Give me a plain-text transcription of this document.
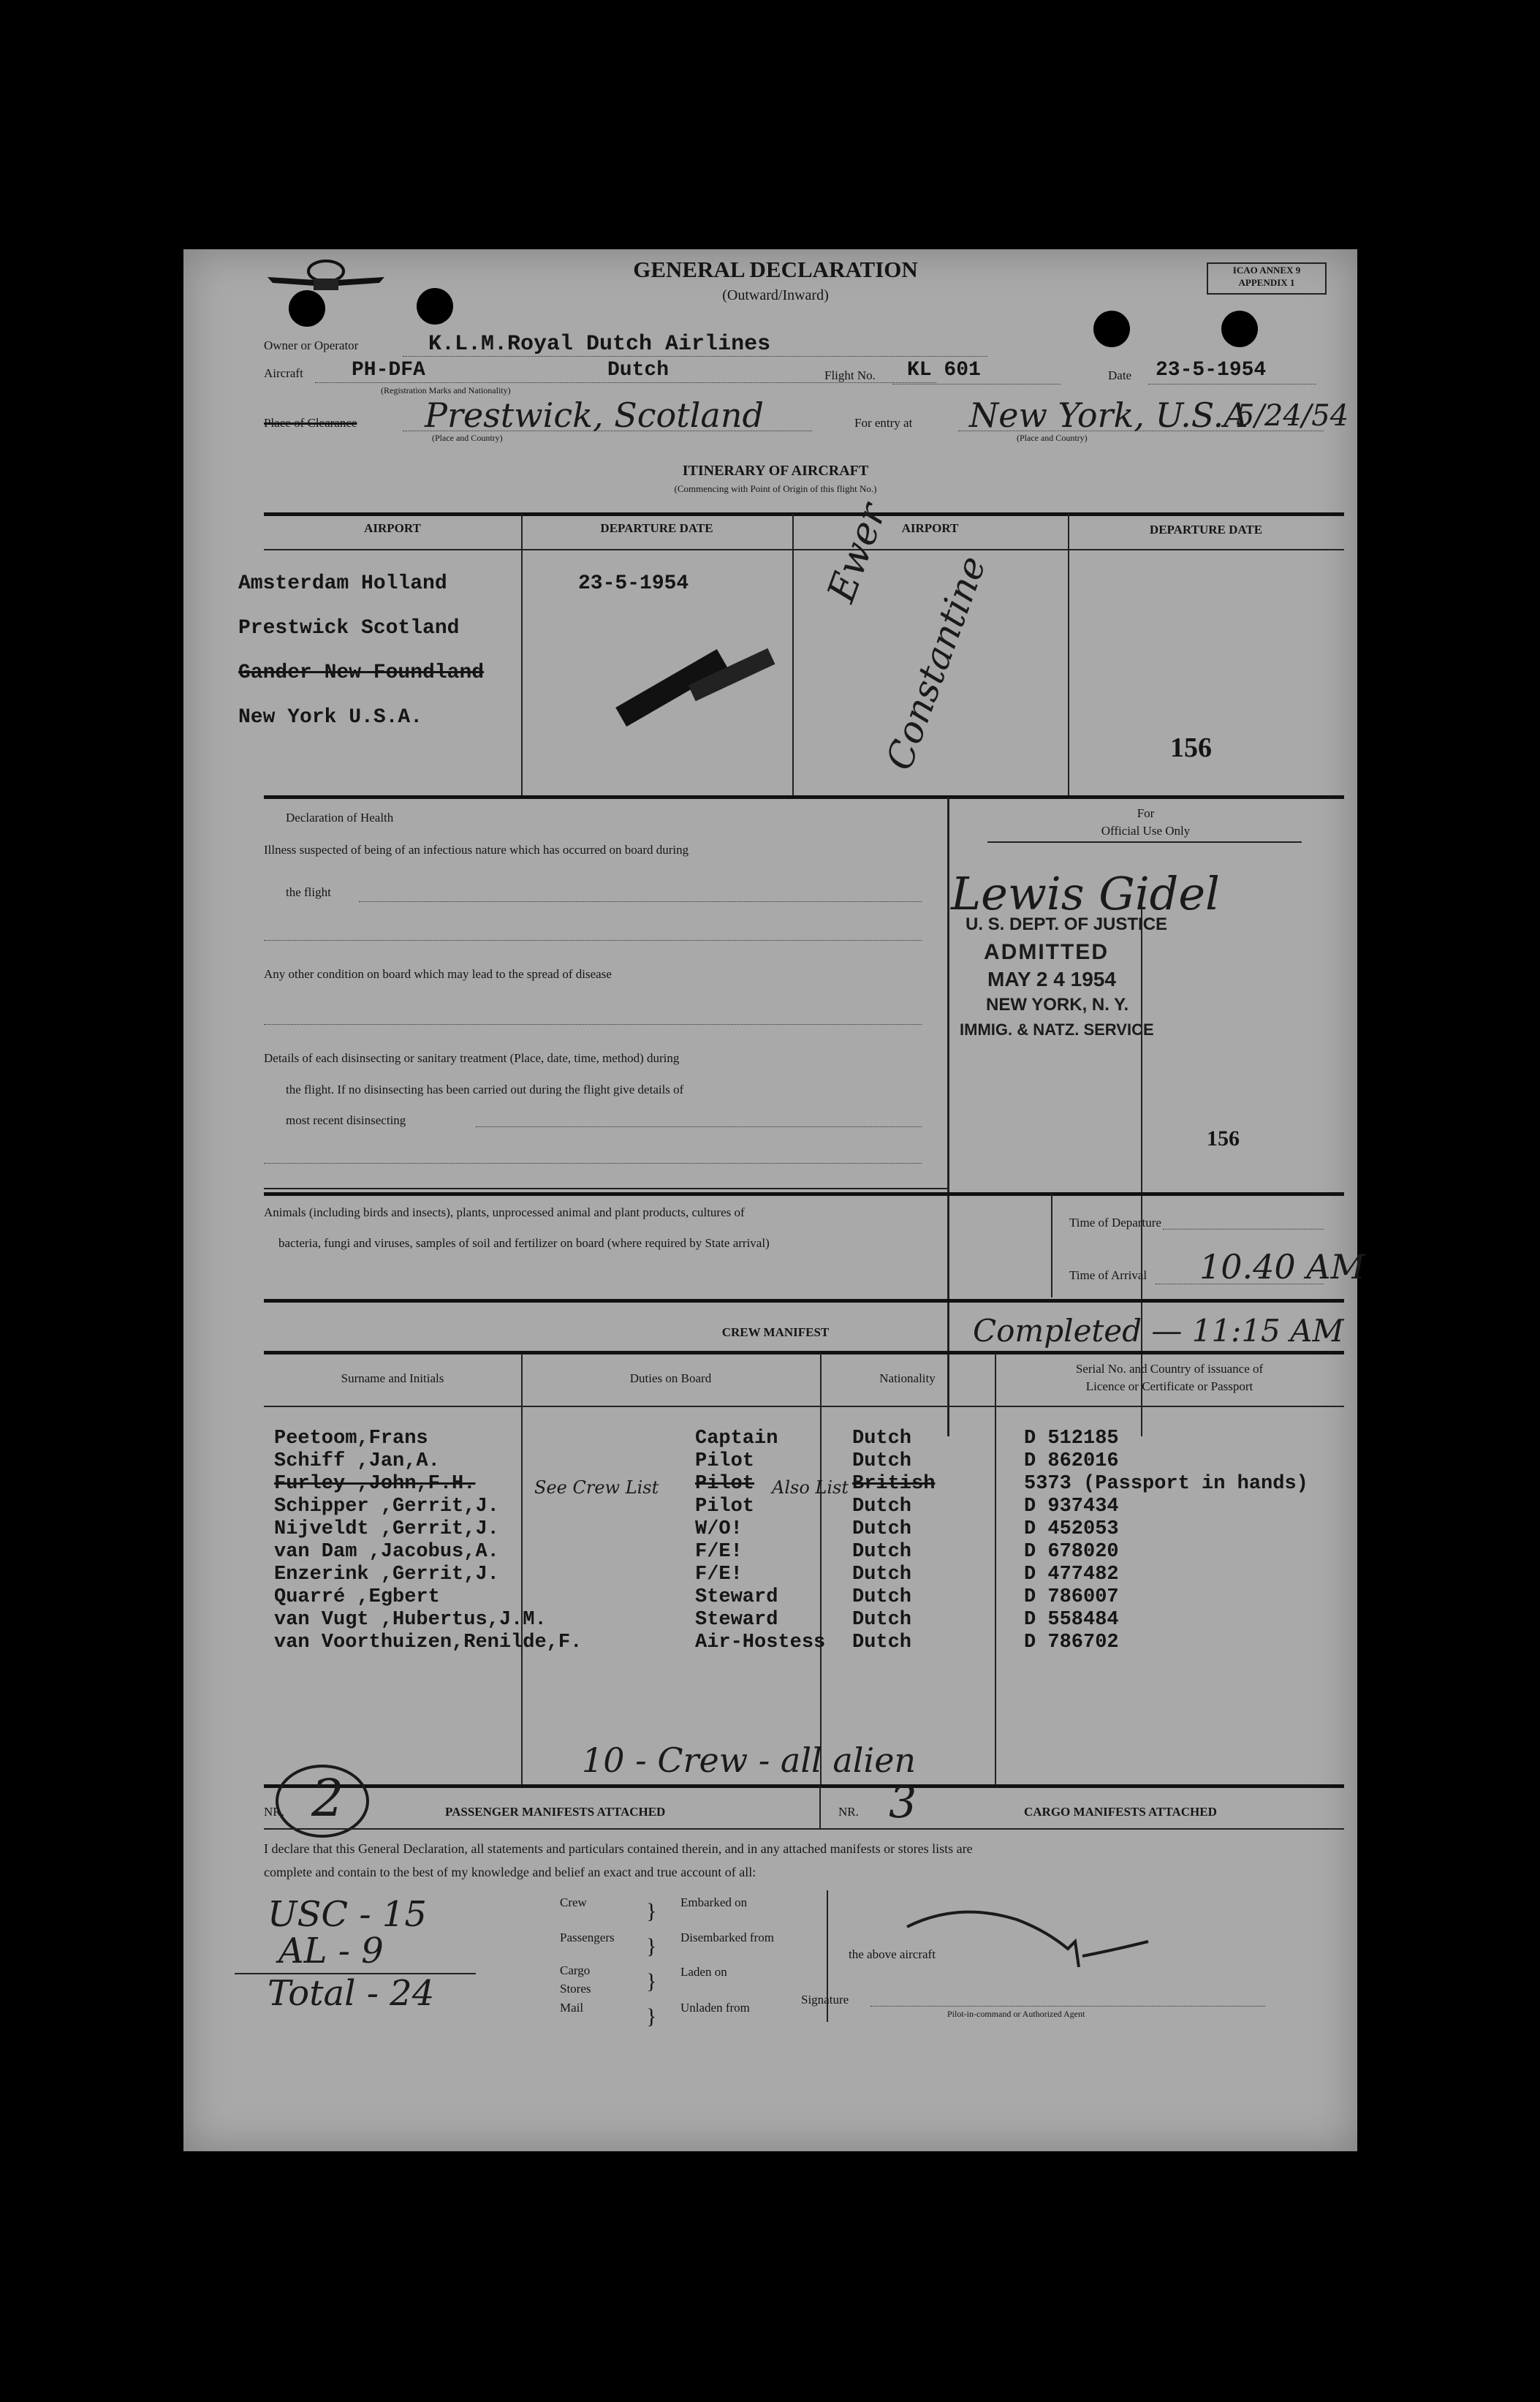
GENERAL DECLARATION
(Outward/Inward)
ICAO ANNEX 9
APPENDIX 1
Owner or Operator	K.L.M.Royal Dutch Airlines
Aircraft PH-DFA	Dutch
(Registration Marks and Nationality)
Flight No. KL 601	Date 23-5-1954
Place of Clearance Prestwick, Scotland
(Place and Country)
For entry at New York, U.S.A
5/24/54
(Place and Country)
ITINERARY OF AIRCRAFT
(Commencing with Point of Origin of this flight No.)
AIRPORT	DEPARTURE DATE	AIRPORT	DEPARTURE DATE
Amsterdam Holland	23-5-1954
Prestwick Scotland
Gander New Foundland
New York U.S.A.
Ewer
Constantine	156
Declaration of Health
Illness suspected of being of an infectious nature which has occurred on board during
the flight
Any other condition on board which may lead to the spread of disease
Details of each disinsecting or sanitary treatment (Place, date, time, method) during
the flight. If no disinsecting has been carried out during the flight give details of
most recent disinsecting
For
Official Use Only
Lewis Gidel
U. S. DEPT. OF JUSTICE
ADMITTED
MAY 2 4 1954
NEW YORK, N. Y.
IMMIG. & NATZ. SERVICE
156
Animals (including birds and insects), plants, unprocessed animal and plant products, cultures of
bacteria, fungi and viruses, samples of soil and fertilizer on board (where required by State arrival)
Time of Departure
Time of Arrival 10.40 AM
CREW MANIFEST	Completed — 11:15 AM
Surname and Initials	Duties on Board	Nationality
Serial No. and Country of issuance of
Licence or Certificate or Passport
Peetoom,Frans	Captain	Dutch	D 512185
Schiff ,Jan,A.	Pilot	Dutch	D 862016
Furley ,John,F.H.	Pilot	British	5373 (Passport in hands)
Schipper ,Gerrit,J.	Pilot	Dutch	D 937434
Nijveldt ,Gerrit,J.	W/O!	Dutch	D 452053
van Dam ,Jacobus,A.	F/E!	Dutch	D 678020
Enzerink ,Gerrit,J.	F/E!	Dutch	D 477482
Quarré ,Egbert	Steward	Dutch	D 786007
van Vugt ,Hubertus,J.M.	Steward	Dutch	D 558484
van Voorthuizen,Renilde,F.	Air-Hostess Dutch	D 786702
See Crew List	Also List
10 - Crew - all alien
NR. 2	PASSENGER MANIFESTS ATTACHED	NR. 3	CARGO MANIFESTS ATTACHED
I declare that this General Declaration, all statements and particulars contained therein, and in any attached manifests or stores lists are
complete and contain to the best of my knowledge and belief an exact and true account of all:
USC - 15
AL - 9
Total - 24
Crew
Passengers
Cargo
Stores
Mail
}
}
}
}
Embarked on
Disembarked from
Laden on
Unladen from
the above aircraft
Signature
Pilot-in-command or Authorized Agent
